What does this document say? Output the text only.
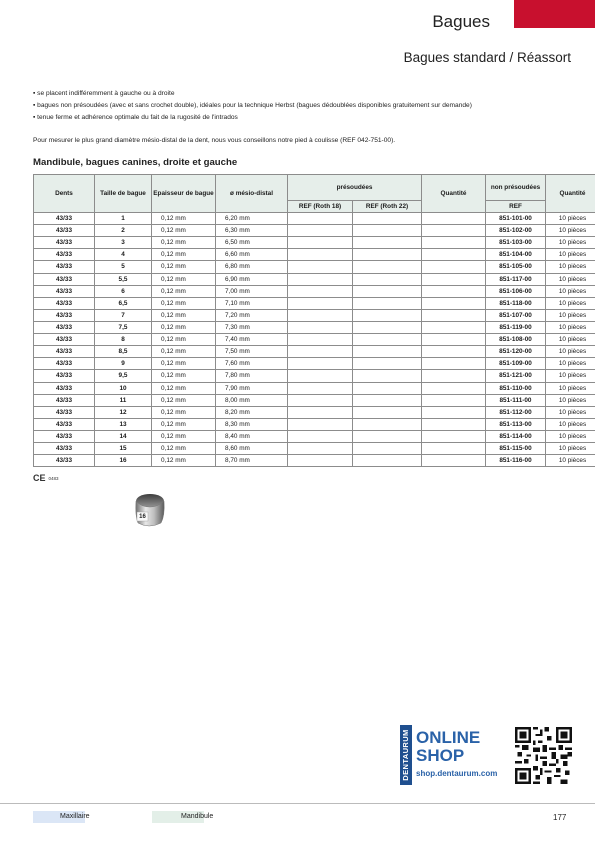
Bagues
Bagues standard / Réassort
▪ se placent indifféremment à gauche ou à droite
▪ bagues non présoudées (avec et sans crochet double), idéales pour la technique Herbst (bagues dédoublées disponibles gratuitement sur demande)
▪ tenue ferme et adhérence optimale du fait de la rugosité de l'intrados
Pour mesurer le plus grand diamètre mésio-distal de la dent, nous vous conseillons notre pied à coulisse (REF 042-751-00).
Mandibule, bagues canines, droite et gauche
Dents	Taille de bague	Epaisseur de bague	ø mésio-distal	présoudées		Quantité	non présoudées	Quantité
				REF (Roth 18)	REF (Roth 22)		REF	
43/33	1	0,12 mm	6,20 mm				851-101-00	10 pièces
43/33	2	0,12 mm	6,30 mm				851-102-00	10 pièces
43/33	3	0,12 mm	6,50 mm				851-103-00	10 pièces
43/33	4	0,12 mm	6,60 mm				851-104-00	10 pièces
43/33	5	0,12 mm	6,80 mm				851-105-00	10 pièces
43/33	5,5	0,12 mm	6,90 mm				851-117-00	10 pièces
43/33	6	0,12 mm	7,00 mm				851-106-00	10 pièces
43/33	6,5	0,12 mm	7,10 mm				851-118-00	10 pièces
43/33	7	0,12 mm	7,20 mm				851-107-00	10 pièces
43/33	7,5	0,12 mm	7,30 mm				851-119-00	10 pièces
43/33	8	0,12 mm	7,40 mm				851-108-00	10 pièces
43/33	8,5	0,12 mm	7,50 mm				851-120-00	10 pièces
43/33	9	0,12 mm	7,60 mm				851-109-00	10 pièces
43/33	9,5	0,12 mm	7,80 mm				851-121-00	10 pièces
43/33	10	0,12 mm	7,90 mm				851-110-00	10 pièces
43/33	11	0,12 mm	8,00 mm				851-111-00	10 pièces
43/33	12	0,12 mm	8,20 mm				851-112-00	10 pièces
43/33	13	0,12 mm	8,30 mm				851-113-00	10 pièces
43/33	14	0,12 mm	8,40 mm				851-114-00	10 pièces
43/33	15	0,12 mm	8,60 mm				851-115-00	10 pièces
43/33	16	0,12 mm	8,70 mm				851-116-00	10 pièces
CE 0483
16
DENTAURUM ONLINE
SHOP
shop.dentaurum.com
Maxillaire	Mandibule	177
